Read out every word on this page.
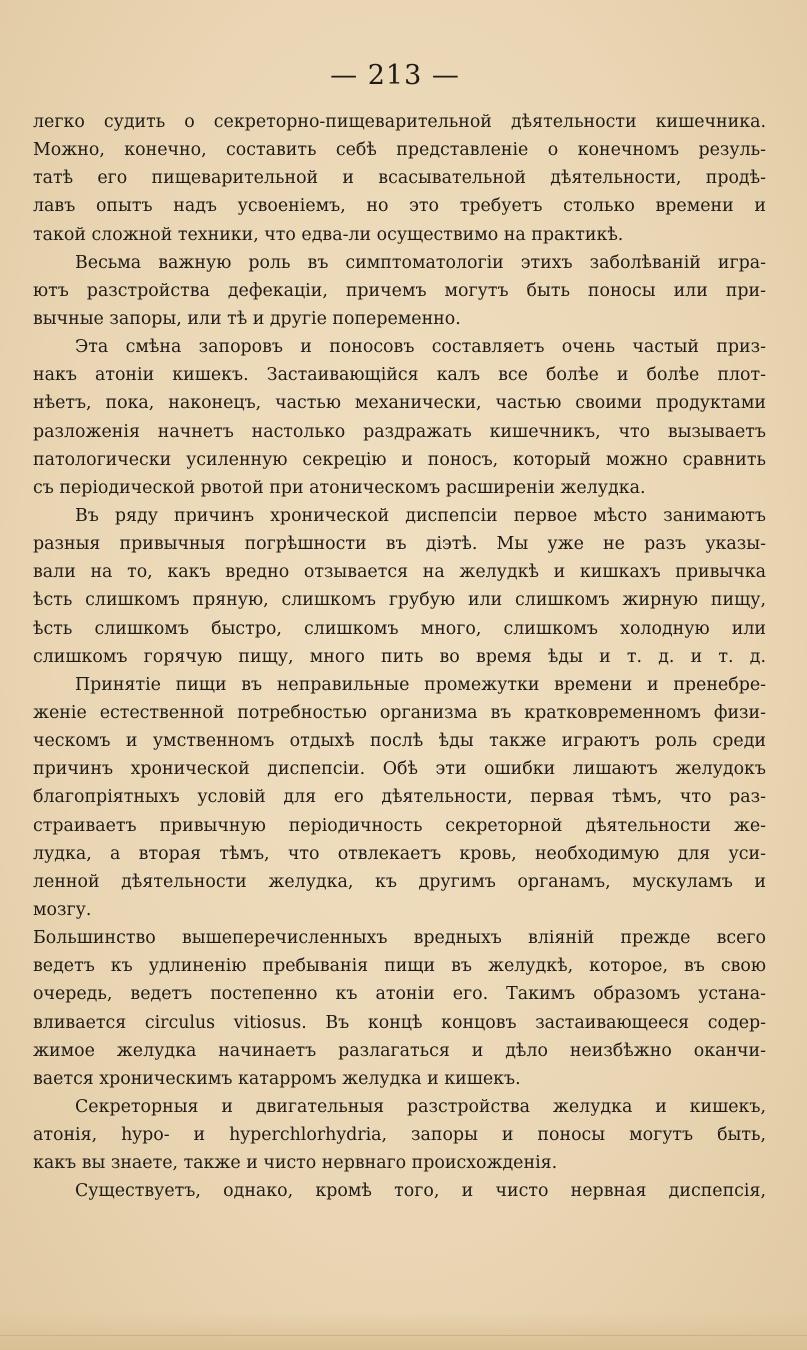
— 213 —
легко судить о секреторно-пищеварительной дѣятельности кишечника.
Можно, конечно, составить себѣ представленіе о конечномъ резуль-
татѣ его пищеварительной и всасывательной дѣятельности, продѣ-
лавъ опытъ надъ усвоеніемъ, но это требуетъ столько времени и
такой сложной техники, что едва-ли осуществимо на практикѣ.
Весьма важную роль въ симптоматологіи этихъ заболѣваній игра-
ютъ разстройства дефекаціи, причемъ могутъ быть поносы или при-
вычные запоры, или тѣ и другіе попеременно.
Эта смѣна запоровъ и поносовъ составляетъ очень частый приз-
накъ атоніи кишекъ. Застаивающійся калъ все болѣе и болѣе плот-
нѣетъ, пока, наконецъ, частью механически, частью своими продуктами
разложенія начнетъ настолько раздражать кишечникъ, что вызываетъ
патологически усиленную секрецію и поносъ, который можно сравнить
съ періодической рвотой при атоническомъ расширеніи желудка.
Въ ряду причинъ хронической диспепсіи первое мѣсто занимаютъ
разныя привычныя погрѣшности въ діэтѣ. Мы уже не разъ указы-
вали на то, какъ вредно отзывается на желудкѣ и кишкахъ привычка
ѣсть слишкомъ пряную, слишкомъ грубую или слишкомъ жирную пищу,
ѣсть слишкомъ быстро, слишкомъ много, слишкомъ холодную или
слишкомъ горячую пищу, много пить во время ѣды и т. д. и т. д.
Принятіе пищи въ неправильные промежутки времени и пренебре-
женіе естественной потребностью организма въ кратковременномъ физи-
ческомъ и умственномъ отдыхѣ послѣ ѣды также играютъ роль среди
причинъ хронической диспепсіи. Обѣ эти ошибки лишаютъ желудокъ
благопріятныхъ условій для его дѣятельности, первая тѣмъ, что раз-
страиваетъ привычную періодичность секреторной дѣятельности же-
лудка, а вторая тѣмъ, что отвлекаетъ кровь, необходимую для уси-
ленной дѣятельности желудка, къ другимъ органамъ, мускуламъ и
мозгу.
Большинство вышеперечисленныхъ вредныхъ вліяній прежде всего
ведетъ къ удлиненію пребыванія пищи въ желудкѣ, которое, въ свою
очередь, ведетъ постепенно къ атоніи его. Такимъ образомъ устана-
вливается circulus vitiosus. Въ концѣ концовъ застаивающееся содер-
жимое желудка начинаетъ разлагаться и дѣло неизбѣжно оканчи-
вается хроническимъ катарромъ желудка и кишекъ.
Секреторныя и двигательныя разстройства желудка и кишекъ,
атонія, hypo- и hyperchlorhydria, запоры и поносы могутъ быть,
какъ вы знаете, также и чисто нервнаго происхожденія.
Существуетъ, однако, кромѣ того, и чисто нервная диспепсія,
